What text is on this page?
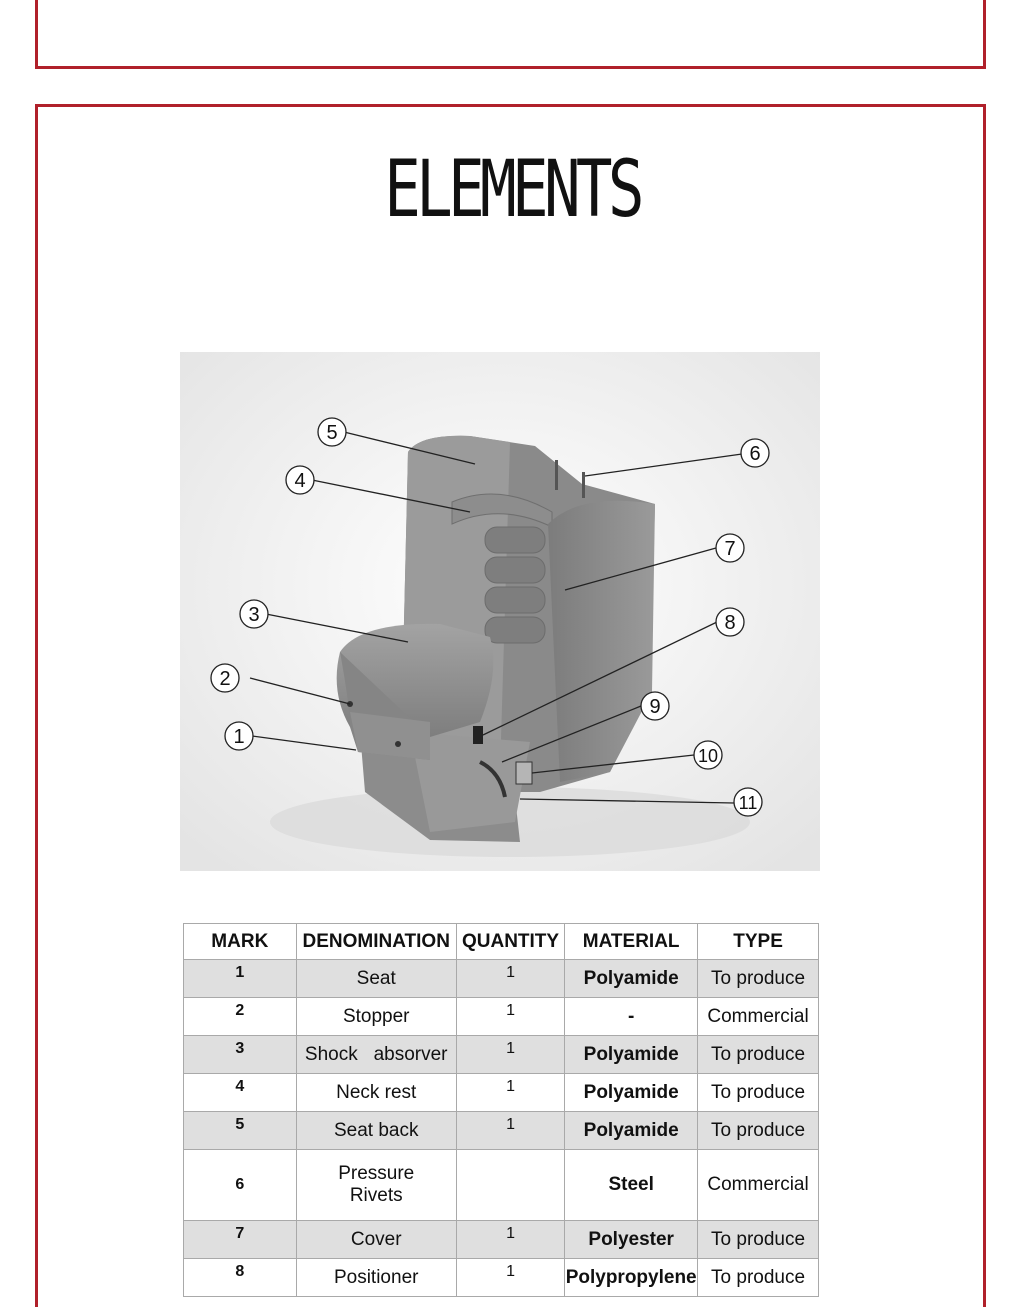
ELEMENTS
1
2
3
4
5
6
7
8
9
10
11
MARK	DENOMINATION	QUANTITY	MATERIAL	TYPE
1	Seat	1	Polyamide	To produce
2	Stopper	1	-	Commercial
3	Shock   absorver	1	Polyamide	To produce
4	Neck rest	1	Polyamide	To produce
5	Seat back	1	Polyamide	To produce
6	Pressure Rivets		Steel	Commercial
7	Cover	1	Polyester	To produce
8	Positioner	1	Polypropylene	To produce
